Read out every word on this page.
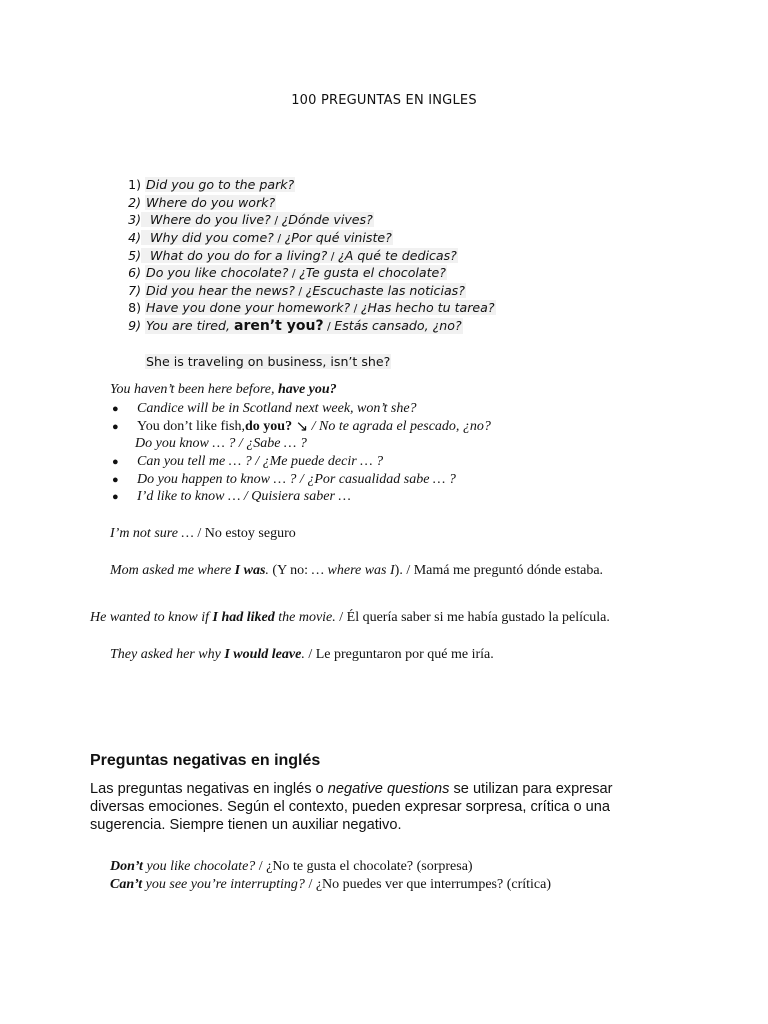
100 PREGUNTAS EN INGLES
1)
Did you go to the park?
2)
Where do you work?
3) Where do you live? / ¿Dónde vives?
4) Why did you come? / ¿Por qué viniste?
5) What do you do for a living? / ¿A qué te dedicas?
6)
Do you like chocolate? / ¿Te gusta el chocolate?
7)
Did you hear the news? / ¿Escuchaste las noticias?
8)
Have you done your homework? / ¿Has hecho tu tarea?
9)
You are tired, aren’t you? / Estás cansado, ¿no?
She is traveling on business, isn’t she?
You haven’t been here before, have you?
●	Candice will be in Scotland next week, won’t she?
●	You don’t like fish, do you?
↘
/ No te agrada el pescado, ¿no?
Do you know … ? / ¿Sabe … ?
●	Can you tell me … ? / ¿Me puede decir … ?
●	Do you happen to know … ? / ¿Por casualidad sabe … ?
●	I’d like to know … / Quisiera saber …
I’m not sure … / No estoy seguro
Mom asked me where I was. (Y no: … where was I). / Mamá me preguntó dónde estaba.
He wanted to know if I had liked the movie. / Él quería saber si me había gustado la película.
They asked her why I would leave. / Le preguntaron por qué me iría.
Preguntas negativas en inglés
Las preguntas negativas en inglés o negative questions se utilizan para expresar diversas emociones. Según el contexto, pueden expresar sorpresa, crítica o una sugerencia. Siempre tienen un auxiliar negativo.
Don’t you like chocolate? / ¿No te gusta el chocolate? (sorpresa)
Can’t you see you’re interrupting? / ¿No puedes ver que interrumpes? (crítica)
